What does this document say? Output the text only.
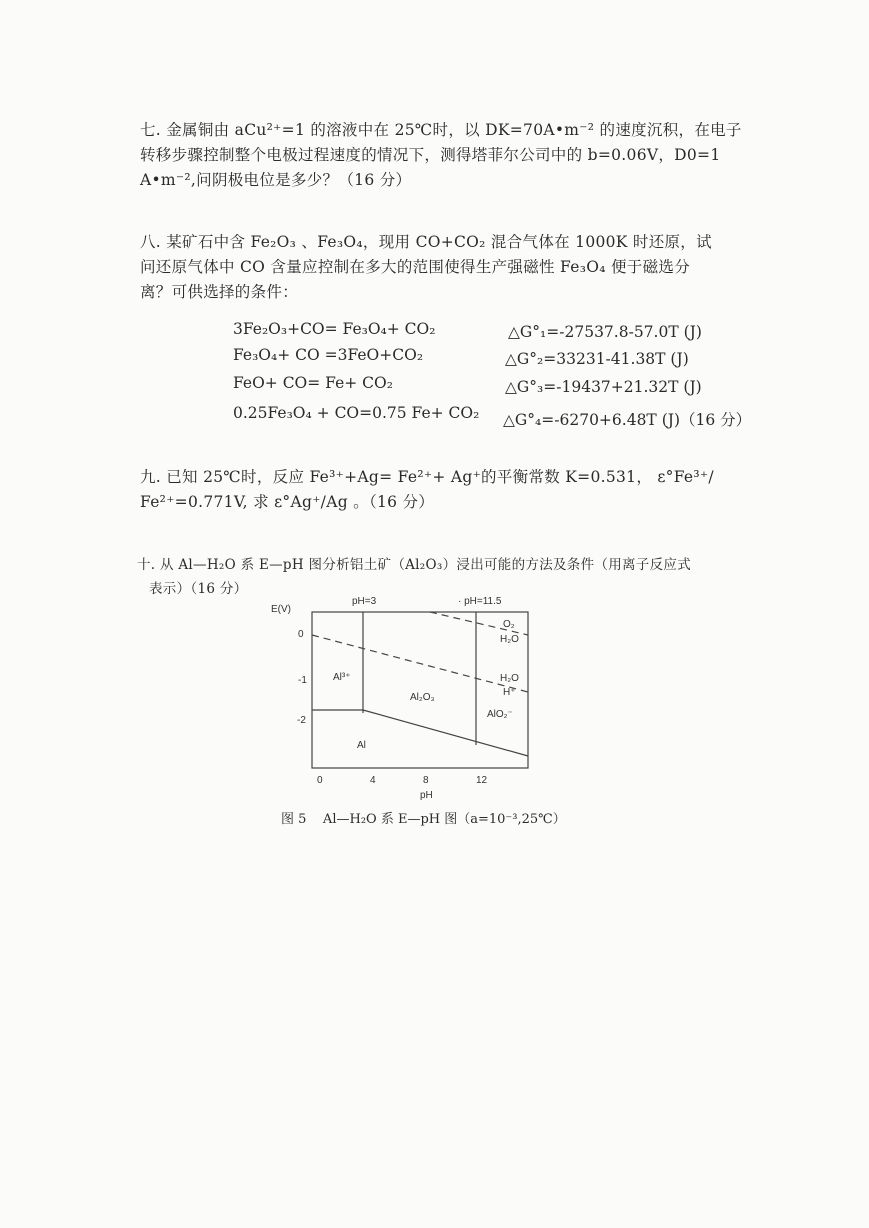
七. 金属铜由 aCu²⁺=1 的溶液中在 25℃时，以 DK=70A•m⁻² 的速度沉积，在电子
转移步骤控制整个电极过程速度的情况下，测得塔菲尔公司中的 b=0.06V，D0=1
A•m⁻²,问阴极电位是多少？（16 分）
八. 某矿石中含 Fe₂O₃ 、Fe₃O₄，现用 CO+CO₂ 混合气体在 1000K 时还原，试
问还原气体中 CO 含量应控制在多大的范围使得生产强磁性 Fe₃O₄ 便于磁选分
离？可供选择的条件：
3Fe₂O₃+CO= Fe₃O₄+ CO₂	△G°₁=-27537.8-57.0T (J)
Fe₃O₄+ CO =3FeO+CO₂	△G°₂=33231-41.38T (J)
FeO+ CO= Fe+ CO₂	△G°₃=-19437+21.32T (J)
0.25Fe₃O₄ + CO=0.75 Fe+ CO₂ △G°₄=-6270+6.48T (J)（16 分）
九. 已知 25℃时，反应 Fe³⁺+Ag= Fe²⁺+ Ag⁺的平衡常数 K=0.531， ε°Fe³⁺/
Fe²⁺=0.771V, 求 ε°Ag⁺/Ag 。（16 分）
十. 从 Al—H₂O 系 E—pH 图分析铝土矿（Al₂O₃）浸出可能的方法及条件（用离子反应式
表示）（16 分）
E(V)
0
-1
-2
0	4	8	12
pH
pH=3	· pH=11.5
Al³⁺
Al₂O₃
AlO₂⁻
Al
O₂
H₂O
H₂O
H⁺
图 5    Al—H₂O 系 E—pH 图（a=10⁻³,25℃）
